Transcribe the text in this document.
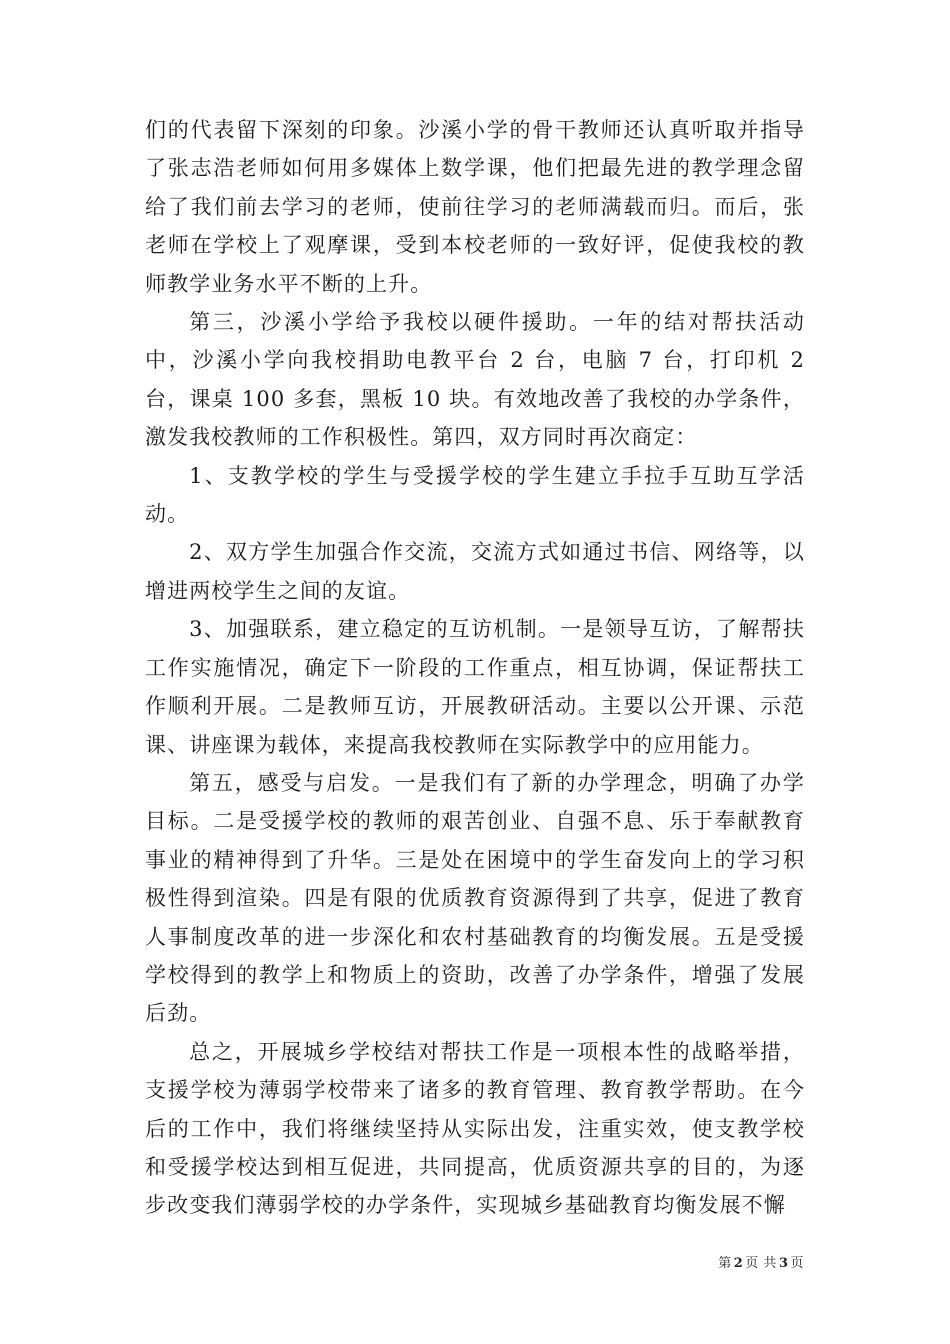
们的代表留下深刻的印象。沙溪小学的骨干教师还认真听取并指导了张志浩老师如何用多媒体上数学课，他们把最先进的教学理念留给了我们前去学习的老师，使前往学习的老师满载而归。而后，张老师在学校上了观摩课，受到本校老师的一致好评，促使我校的教师教学业务水平不断的上升。

第三，沙溪小学给予我校以硬件援助。一年的结对帮扶活动中，沙溪小学向我校捐助电教平台 2 台，电脑 7 台，打印机 2 台，课桌 100 多套，黑板 10 块。有效地改善了我校的办学条件，激发我校教师的工作积极性。第四，双方同时再次商定：

1、支教学校的学生与受援学校的学生建立手拉手互助互学活动。

2、双方学生加强合作交流，交流方式如通过书信、网络等，以增进两校学生之间的友谊。

3、加强联系，建立稳定的互访机制。一是领导互访，了解帮扶工作实施情况，确定下一阶段的工作重点，相互协调，保证帮扶工作顺利开展。二是教师互访，开展教研活动。主要以公开课、示范课、讲座课为载体，来提高我校教师在实际教学中的应用能力。

第五，感受与启发。一是我们有了新的办学理念，明确了办学目标。二是受援学校的教师的艰苦创业、自强不息、乐于奉献教育事业的精神得到了升华。三是处在困境中的学生奋发向上的学习积极性得到渲染。四是有限的优质教育资源得到了共享，促进了教育人事制度改革的进一步深化和农村基础教育的均衡发展。五是受援学校得到的教学上和物质上的资助，改善了办学条件，增强了发展后劲。

总之，开展城乡学校结对帮扶工作是一项根本性的战略举措，支援学校为薄弱学校带来了诸多的教育管理、教育教学帮助。在今后的工作中，我们将继续坚持从实际出发，注重实效，使支教学校和受援学校达到相互促进，共同提高，优质资源共享的目的，为逐步改变我们薄弱学校的办学条件，实现城乡基础教育均衡发展不懈

第 2 页 共 3 页
